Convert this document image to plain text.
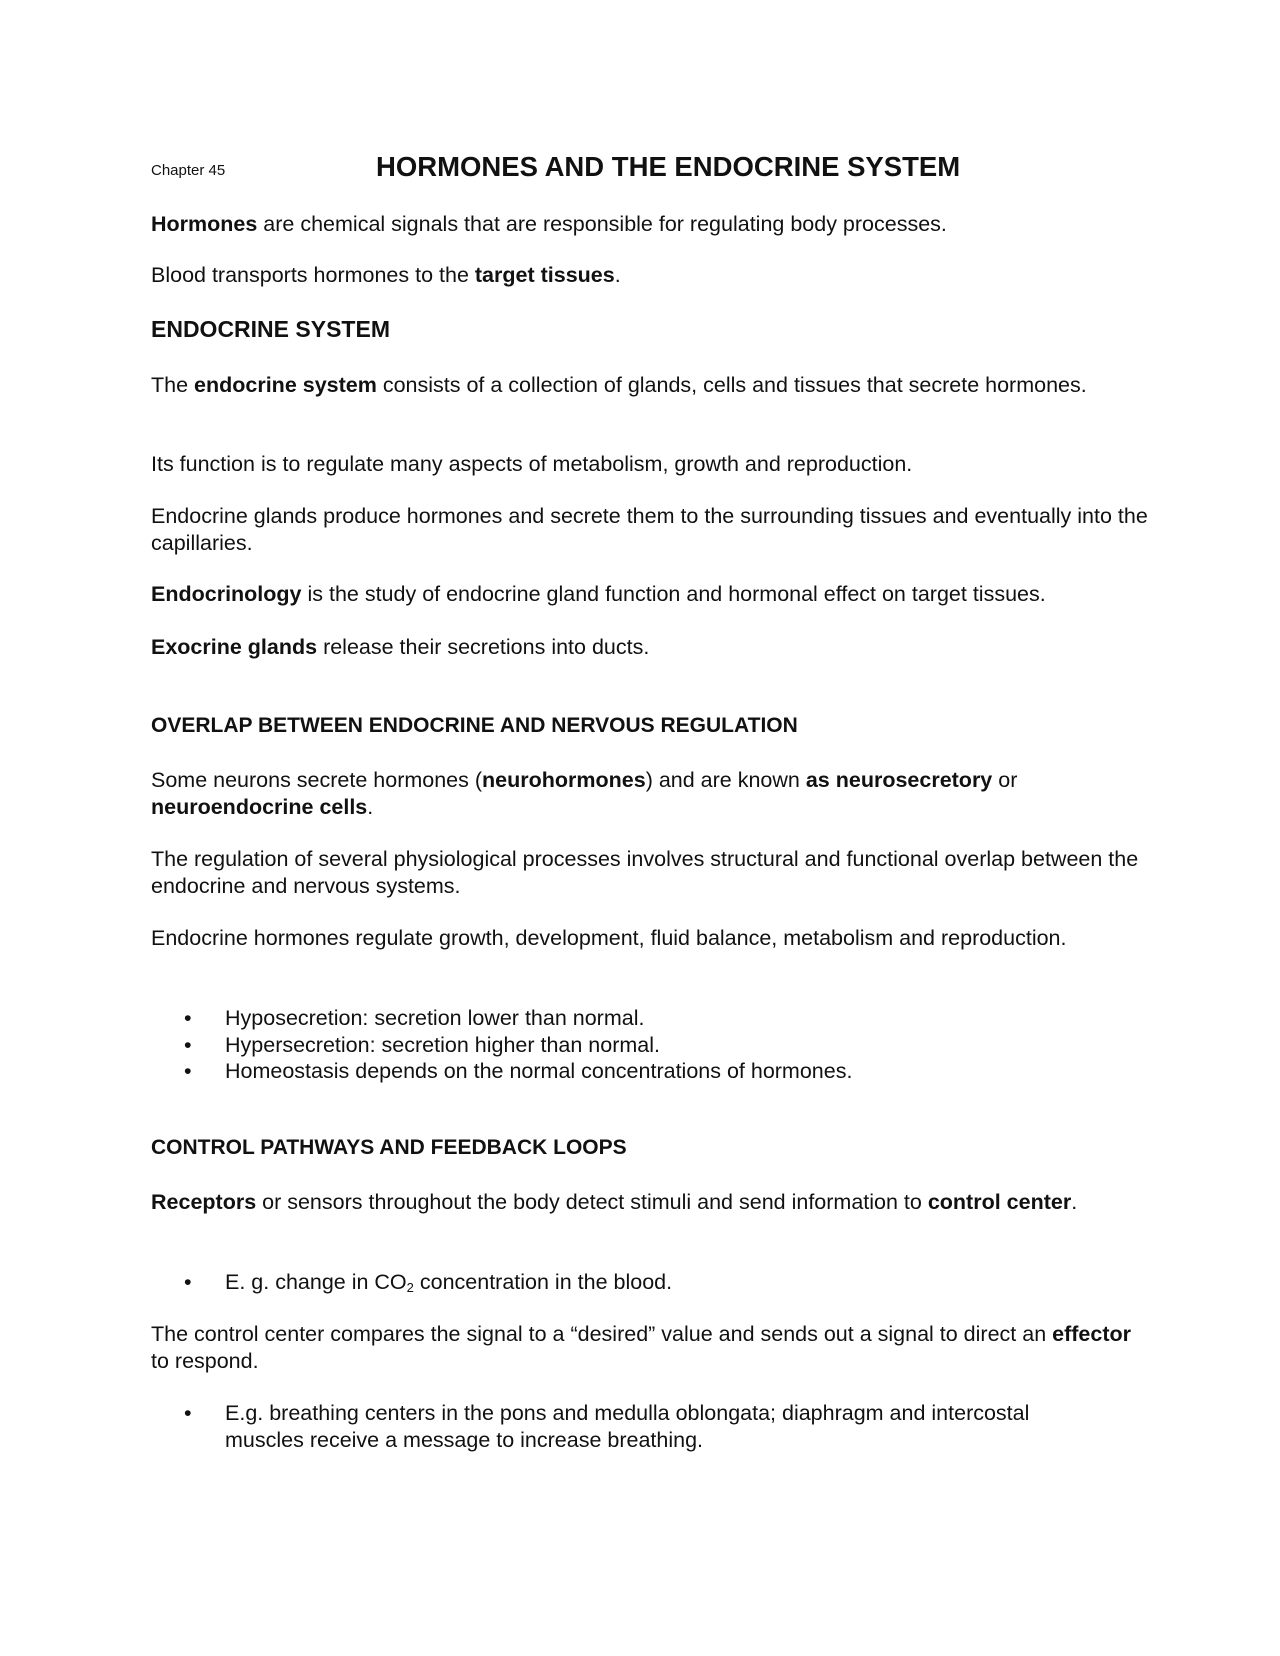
Chapter 45	HORMONES AND THE ENDOCRINE SYSTEM

Hormones are chemical signals that are responsible for regulating body processes.

Blood transports hormones to the target tissues.

ENDOCRINE SYSTEM

The endocrine system consists of a collection of glands, cells and tissues that secrete hormones.

Its function is to regulate many aspects of metabolism, growth and reproduction.

Endocrine glands produce hormones and secrete them to the surrounding tissues and eventually into the capillaries.

Endocrinology is the study of endocrine gland function and hormonal effect on target tissues.

Exocrine glands release their secretions into ducts.

OVERLAP BETWEEN ENDOCRINE AND NERVOUS REGULATION

Some neurons secrete hormones (neurohormones) and are known as neurosecretory or neuroendocrine cells.

The regulation of several physiological processes involves structural and functional overlap between the endocrine and nervous systems.

Endocrine hormones regulate growth, development, fluid balance, metabolism and reproduction.

• Hyposecretion: secretion lower than normal.
• Hypersecretion: secretion higher than normal.
• Homeostasis depends on the normal concentrations of hormones.
CONTROL PATHWAYS AND FEEDBACK LOOPS

Receptors or sensors throughout the body detect stimuli and send information to control center.

• E. g. change in $CO_2$ concentration in the blood.

The control center compares the signal to a “desired” value and sends out a signal to direct an effector to respond.

• E.g. breathing centers in the pons and medulla oblongata; diaphragm and intercostal muscles receive a message to increase breathing.
